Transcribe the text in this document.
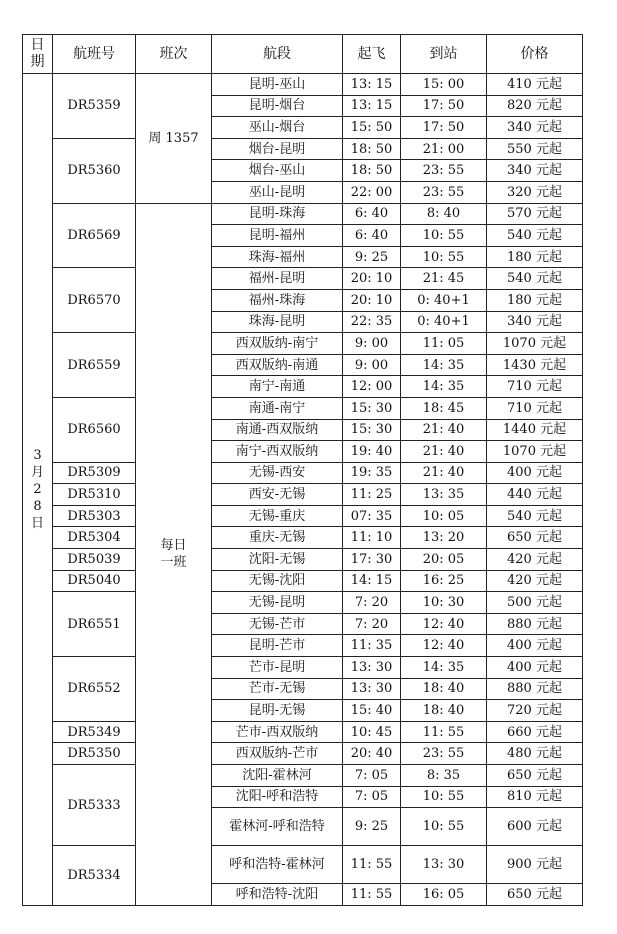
日期	航班号	班次	航段	起飞	到站	价格

3月28日	DR5359	周 1357	昆明-巫山	13: 15	15: 00	410 元起
			昆明-烟台	13: 15	17: 50	820 元起
			巫山-烟台	15: 50	17: 50	340 元起
	DR5360		烟台-昆明	18: 50	21: 00	550 元起
			烟台-巫山	18: 50	23: 55	340 元起
			巫山-昆明	22: 00	23: 55	320 元起
	DR6569	每日一班	昆明-珠海	6: 40	8: 40	570 元起
			昆明-福州	6: 40	10: 55	540 元起
			珠海-福州	9: 25	10: 55	180 元起
	DR6570		福州-昆明	20: 10	21: 45	540 元起
			福州-珠海	20: 10	0: 40+1	180 元起
			珠海-昆明	22: 35	0: 40+1	340 元起
	DR6559		西双版纳-南宁	9: 00	11: 05	1070 元起
			西双版纳-南通	9: 00	14: 35	1430 元起
			南宁-南通	12: 00	14: 35	710 元起
	DR6560		南通-南宁	15: 30	18: 45	710 元起
			南通-西双版纳	15: 30	21: 40	1440 元起
			南宁-西双版纳	19: 40	21: 40	1070 元起
	DR5309		无锡-西安	19: 35	21: 40	400 元起
	DR5310		西安-无锡	11: 25	13: 35	440 元起
	DR5303		无锡-重庆	07: 35	10: 05	540 元起
	DR5304		重庆-无锡	11: 10	13: 20	650 元起
	DR5039		沈阳-无锡	17: 30	20: 05	420 元起
	DR5040		无锡-沈阳	14: 15	16: 25	420 元起
	DR6551		无锡-昆明	7: 20	10: 30	500 元起
			无锡-芒市	7: 20	12: 40	880 元起
			昆明-芒市	11: 35	12: 40	400 元起
	DR6552		芒市-昆明	13: 30	14: 35	400 元起
			芒市-无锡	13: 30	18: 40	880 元起
			昆明-无锡	15: 40	18: 40	720 元起
	DR5349		芒市-西双版纳	10: 45	11: 55	660 元起
	DR5350		西双版纳-芒市	20: 40	23: 55	480 元起
	DR5333		沈阳-霍林河	7: 05	8: 35	650 元起
			沈阳-呼和浩特	7: 05	10: 55	810 元起
			霍林河-呼和浩特	9: 25	10: 55	600 元起
	DR5334		呼和浩特-霍林河	11: 55	13: 30	900 元起
			呼和浩特-沈阳	11: 55	16: 05	650 元起
